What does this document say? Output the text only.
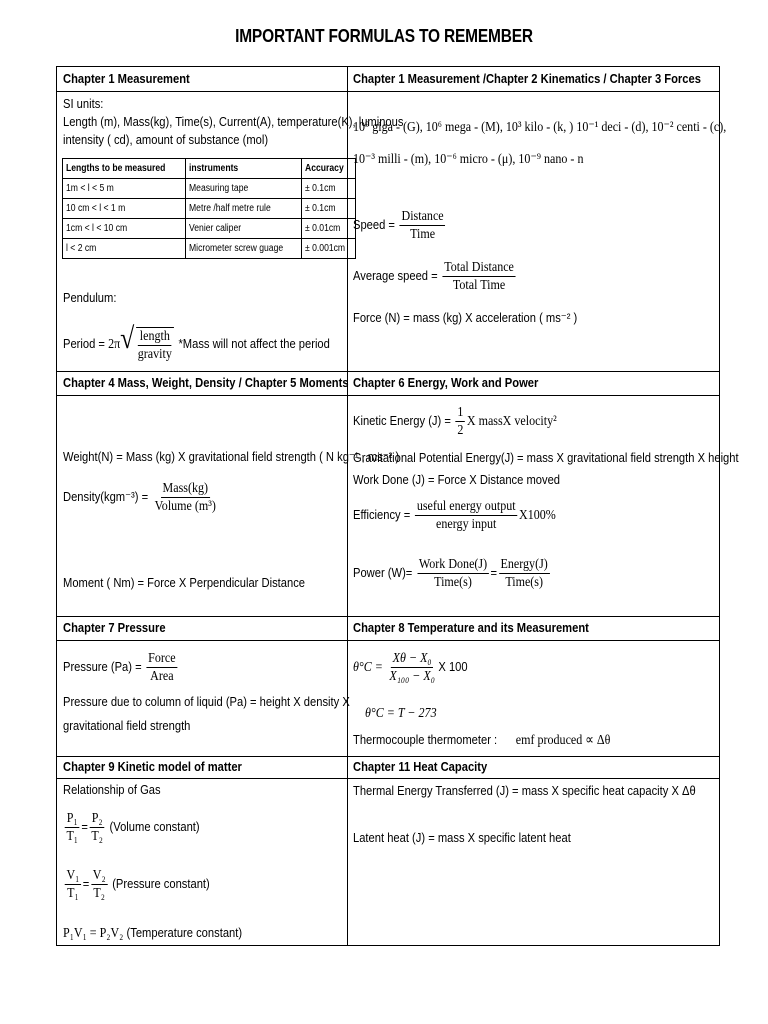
IMPORTANT FORMULAS TO REMEMBER
Chapter 1 Measurement
SI units:
Length (m), Mass(kg), Time(s), Current(A), temperature(K), luminous
intensity ( cd), amount of substance (mol)
Lengths to be measured	instruments	Accuracy
1m < l < 5 m	Measuring tape	± 0.1cm
10 cm < l < 1 m	Metre /half metre rule	± 0.1cm
1cm < l < 10 cm	Venier caliper	± 0.01cm
l < 2 cm	Micrometer screw guage	± 0.001cm
Pendulum:
Period = $2\pi√ \frac{\text{length}}{\text{gravity}}$ *Mass will not affect the period
Chapter 1 Measurement /Chapter 2 Kinematics / Chapter 3 Forces
10⁹ giga - (G), 10⁶ mega - (M), 10³ kilo - (k, ) 10⁻¹ deci - (d), 10⁻² centi - (c),
10⁻³ milli - (m), 10⁻⁶ micro - (μ), 10⁻⁹ nano - n
Speed = $\frac{\text{Distance}}{\text{Time}}$
Average speed = $\frac{\text{Total Distance}}{\text{Total Time}}$
Force (N) = mass (kg) X acceleration ( ms⁻² )
Chapter 4 Mass, Weight, Density / Chapter 5 Moments
Weight(N) = Mass (kg) X gravitational field strength ( N kg⁻¹ , ms⁻² )
Density(kgm⁻³) = $\frac{\text{Mass(kg)}}{\text{Volume (m³)}}$
Moment ( Nm) = Force X Perpendicular Distance
Chapter 6 Energy, Work and Power
Kinetic Energy $(J) = \frac{1}{2}$ X massX velocity²
Gravitational Potential Energy(J) = mass X gravitational field strength X height
Work Done (J) = Force X Distance moved
Efficiency = $\frac{\text{useful energy output}}{\text{energy input}} X100\%$
Power $(W)= \frac{\text{Work Done(J)}}{\text{Time(s)}} = \frac{\text{Energy(J)}}{\text{Time(s)}}$
Chapter 7 Pressure
Pressure $(Pa) = \frac{\text{Force}}{\text{Area}}$
Pressure due to column of liquid (Pa) = height X density X
gravitational field strength
Chapter 8 Temperature and its Measurement
$\theta^\circ C = \frac{\text{Xθ − X₀}}{\text{X₁₀₀ − X₀}}$ X 100
θ°C = T − 273
Thermocouple thermometer : emf produced ∝ Δθ
Chapter 9 Kinetic model of matter
Relationship of Gas
$\frac{\text{P₁}}{\text{T₁}} = \frac{\text{P₂}}{\text{T₂}}$ (Volume constant)
$\frac{\text{V₁}}{\text{T₁}} = \frac{\text{V₂}}{\text{T₂}}$ (Pressure constant)
P₁V₁ = P₂V₂ (Temperature constant)
Chapter 11 Heat Capacity
Thermal Energy Transferred (J) = mass X specific heat capacity X Δθ
Latent heat (J) = mass X specific latent heat
